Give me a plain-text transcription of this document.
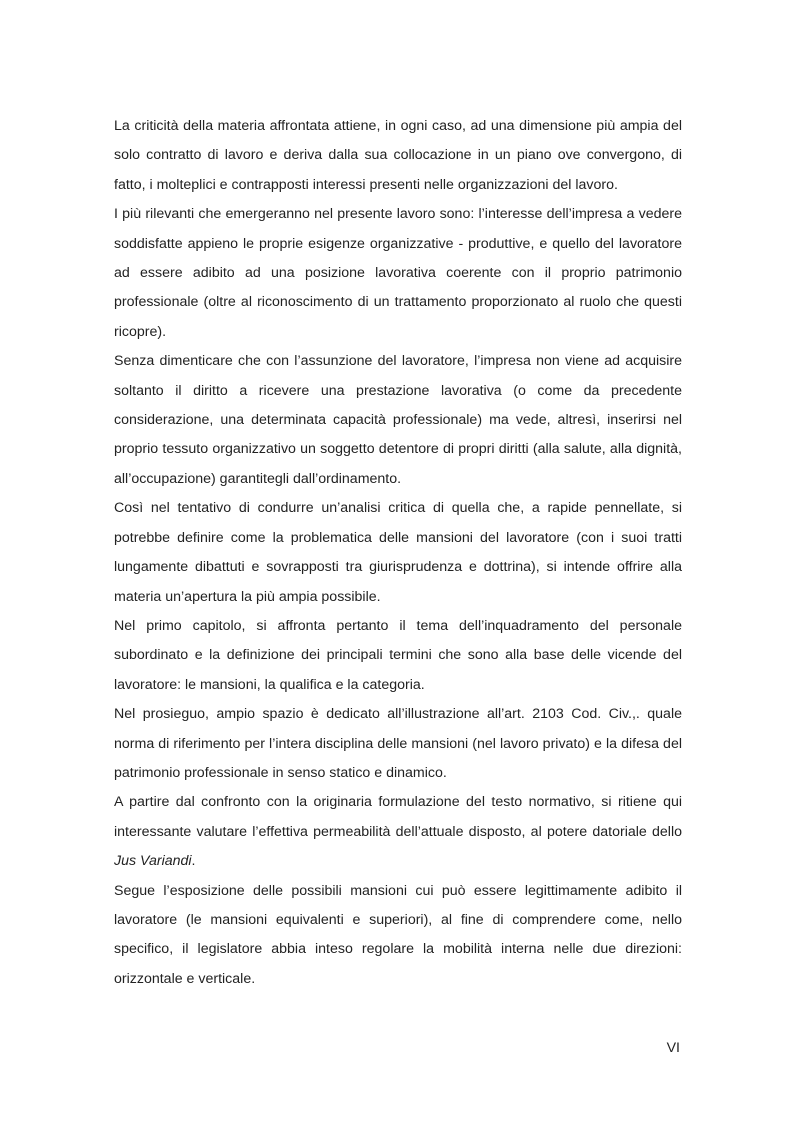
La criticità della materia affrontata attiene, in ogni caso, ad una dimensione più ampia del solo contratto di lavoro e deriva dalla sua collocazione in un piano ove convergono, di fatto, i molteplici e contrapposti interessi presenti nelle organizzazioni del lavoro.

I più rilevanti che emergeranno nel presente lavoro sono: l’interesse dell’impresa a vedere soddisfatte appieno le proprie esigenze organizzative - produttive, e quello del lavoratore ad essere adibito ad una posizione lavorativa coerente con il proprio patrimonio professionale (oltre al riconoscimento di un trattamento proporzionato al ruolo che questi ricopre).

Senza dimenticare che con l’assunzione del lavoratore, l’impresa non viene ad acquisire soltanto il diritto a ricevere una prestazione lavorativa (o come da precedente considerazione, una determinata capacità professionale) ma vede, altresì, inserirsi nel proprio tessuto organizzativo un soggetto detentore di propri diritti (alla salute, alla dignità, all’occupazione) garantitegli dall’ordinamento.

Così nel tentativo di condurre un’analisi critica di quella che, a rapide pennellate, si potrebbe definire come la problematica delle mansioni del lavoratore (con i suoi tratti lungamente dibattuti e sovrapposti tra giurisprudenza e dottrina), si intende offrire alla materia un’apertura la più ampia possibile.

Nel primo capitolo, si affronta pertanto il tema dell’inquadramento del personale subordinato e la definizione dei principali termini che sono alla base delle vicende del lavoratore: le mansioni, la qualifica e la categoria.

Nel prosieguo, ampio spazio è dedicato all’illustrazione all’art. 2103 Cod. Civ.,. quale norma di riferimento per l’intera disciplina delle mansioni (nel lavoro privato) e la difesa del patrimonio professionale in senso statico e dinamico.

A partire dal confronto con la originaria formulazione del testo normativo, si ritiene qui interessante valutare l’effettiva permeabilità dell’attuale disposto, al potere datoriale dello Jus Variandi.

Segue l’esposizione delle possibili mansioni cui può essere legittimamente adibito il lavoratore (le mansioni equivalenti e superiori), al fine di comprendere come, nello specifico, il legislatore abbia inteso regolare la mobilità interna nelle due direzioni: orizzontale e verticale.

VI
